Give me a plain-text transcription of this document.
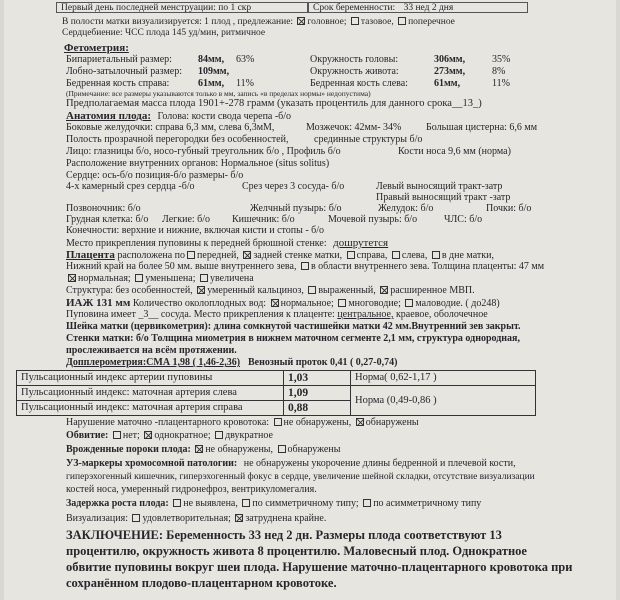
Первый день последней менструации: по 1 скр	Срок беременности: 33 нед 2 дня
В полости матки визуализируется: 1 плод , предлежание: головное; тазовое, поперечное
Сердцебиение: ЧСС плода 145 уд/мин, ритмичное
Фетометрия:
Бипариетальный размер:	84мм, 63%	Окружность головы:	306мм,	35%
Лобно-затылочный размер: 109мм,	Окружность живота:	273мм,	8%
Бедренная кость справа:	61мм, 11%	Бедренная кость слева:	61мм,	11%
(Примечание: все размеры указываются только в мм, запись «в пределах нормы» недопустима)
Предполагаемая масса плода 1901+-278 грамм (указать процентиль для данного срока__13_)
Анатомия плода: Голова: кости свода черепа -б/о
Боковые желудочки: справа 6,3 мм, слева 6,3мМ,	Мозжечок: 42мм- 34% Большая цистерна: 6,6 мм
Полость прозрачной перегородки без особенностей,	срединные структуры б/о
Лицо: глазницы б/о, носо-губный треугольник б/о , Профиль б/о	Кости носа 9,6 мм (норма)
Расположение внутренних органов: Нормальное (situs solitus)
Сердце: ось-б/о позиция-б/о размеры- б/о
4-х камерный срез сердца -б/о	Срез через 3 сосуда- б/о	Левый выносящий тракт-затр
Правый выносящий тракт -затр
Позвоночник: б/о	Желчный пузырь: б/о	Желудок: б/о	Почки: б/о
Грудная клетка: б/о Легкие: б/о Кишечник: б/о	Мочевой пузырь: б/о	ЧЛС: б/о
Конечности: верхние и нижние, включая кисти и стопы - б/о
Место прикрепления пуповины к передней брюшной стенке: дошрутется
Плацента расположена по передней, задней стенке матки, справа, слева, в дне матки,
Нижний край на более 50 мм. выше внутреннего зева, в области внутреннего зева. Толщина плаценты: 47 мм
нормальная; уменьшена; увеличена
Структура: без особенностей, умеренный кальциноз, выраженный, расширенное МВП.
ИАЖ 131 мм Количество околоплодных вод: нормальное; многоводие; маловодие. ( до248)
Пуповина имеет _3__ сосуда. Место прикрепления к плаценте: центральное, краевое, оболочечное
Шейка матки (цервикометрия): длина сомкнутой частишейки матки 42 мм.Внутренний зев закрыт.
Стенки матки: б/о Толщина миометрия в нижнем маточном сегменте 2,1 мм, структура однородная,
прослеживается на всём протяжении.
Допплерометрия:СМА 1,98 ( 1,46-2,36) Венозный проток 0,41 ( 0,27-0,74)
Пульсационный индекс артерии пуповины	1,03	Норма( 0,62-1,17 )
Пульсационный индекс: маточная артерия слева	1,09	Норма (0,49-0,86 )
Пульсационный индекс: маточная артерия справа	0,88	
Нарушение маточно -плацентарного кровотока: не обнаружены, обнаружены
Обвитие: нет; однократное; двукратное
Врожденные пороки плода: не обнаружены, обнаружены
УЗ-маркеры хромосомной патологии: не обнаружены укорочение длины бедренной и плечевой кости,
гиперэхогенный кишечник, гиперэхогенный фокус в сердце, увеличение шейной складки, отсутствие визуализации
костей носа, умеренный гидронефроз, вентрикуломегалия.
Задержка роста плода: не выявлена, по симметричному типу; по асимметричному типу
Визуализация: удовлетворительная; затруднена крайне.
ЗАКЛЮЧЕНИЕ: Беременность 33 нед 2 дн. Размеры плода соответствуют 13
процентилю, окружность живота 8 процентилю. Маловесный плод. Однократное
обвитие пуповины вокруг шеи плода. Нарушение маточно-плацентарного кровотока при
сохранённом плодово-плацентарном кровотоке.
